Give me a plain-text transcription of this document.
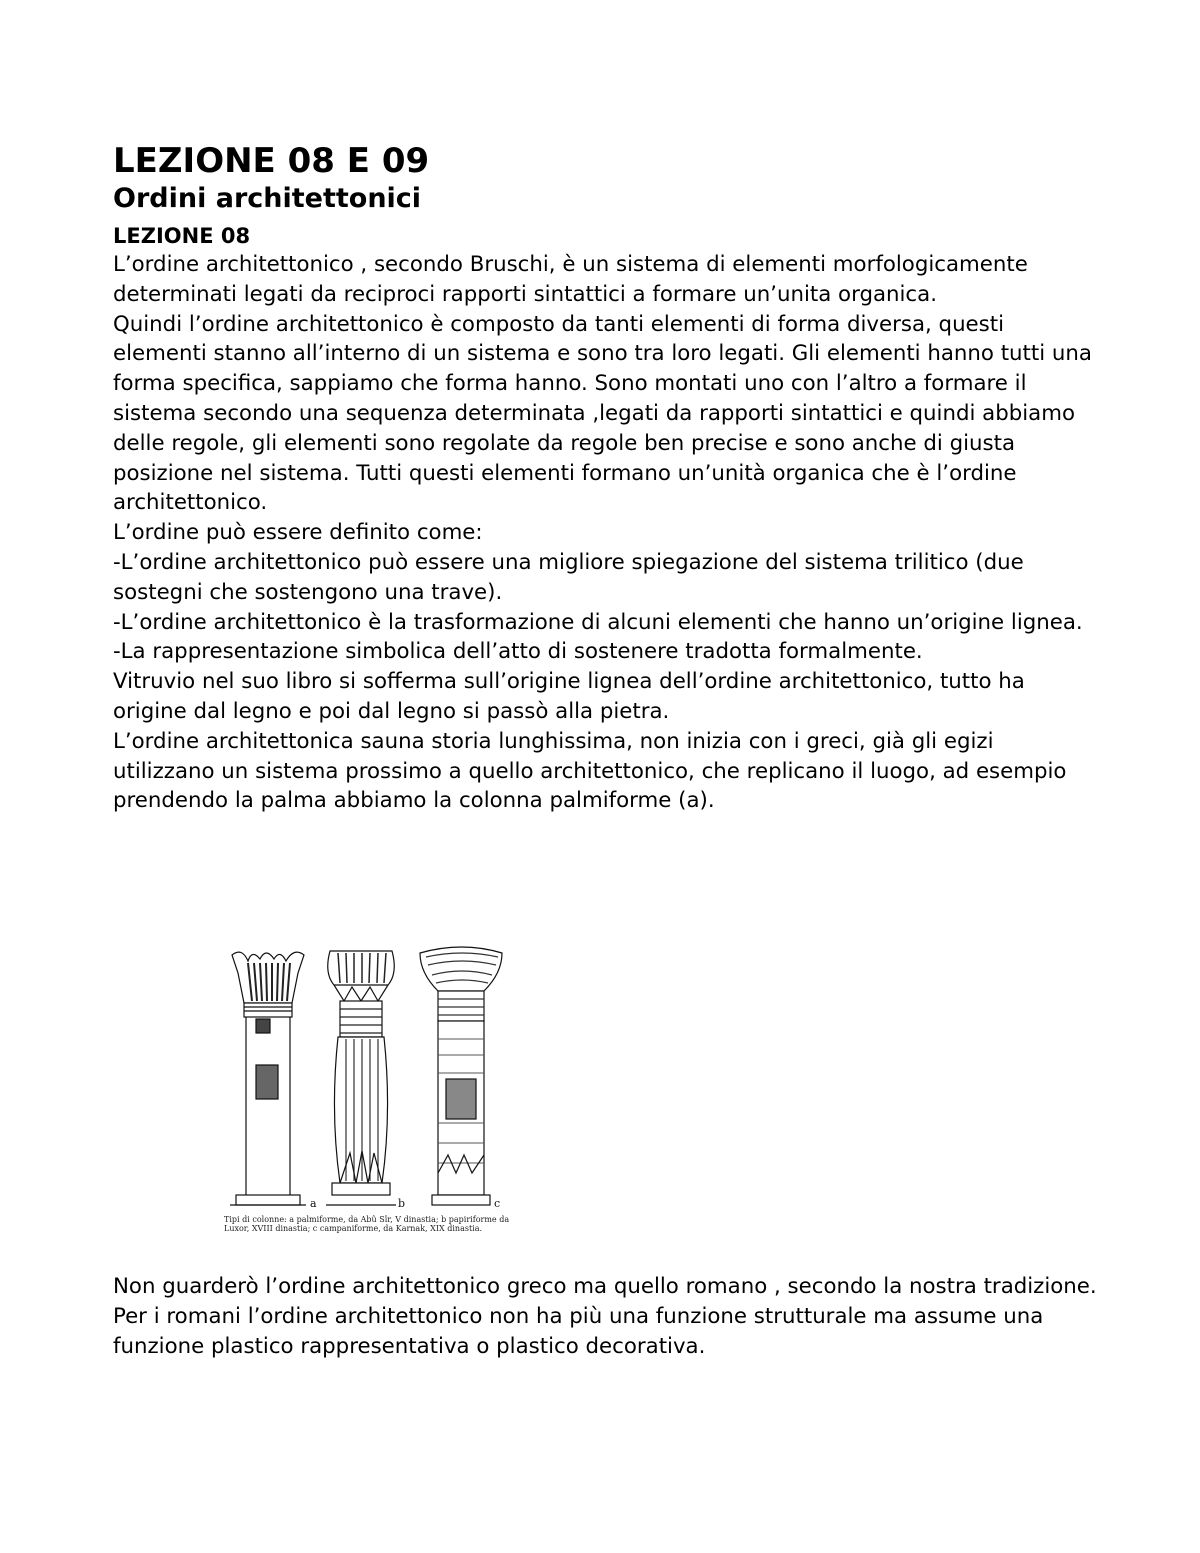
LEZIONE 08 E 09
Ordini architettonici
LEZIONE 08

L’ordine architettonico , secondo Bruschi, è un sistema di elementi morfologicamente determinati legati da reciproci rapporti sintattici a formare un’unita organica.

Quindi l’ordine architettonico è composto da tanti elementi di forma diversa, questi elementi stanno all’interno di un sistema e sono tra loro legati. Gli elementi hanno tutti una forma specifica, sappiamo che forma hanno. Sono montati uno con l’altro a formare il sistema secondo una sequenza determinata ,legati da rapporti sintattici e quindi abbiamo delle regole, gli elementi sono regolate da regole ben precise e sono anche di giusta posizione nel sistema. Tutti questi elementi formano un’unità organica che è l’ordine architettonico.

L’ordine può essere definito come:

-L’ordine architettonico può essere una migliore spiegazione del sistema trilitico (due sostegni che sostengono una trave).

-L’ordine architettonico è la trasformazione di alcuni elementi che hanno un’origine lignea.

-La rappresentazione simbolica dell’atto di sostenere tradotta formalmente.

Vitruvio nel suo libro si sofferma sull’origine lignea dell’ordine architettonico, tutto ha origine dal legno e poi dal legno si passò alla pietra.

L’ordine architettonica sauna storia lunghissima, non inizia con i greci, già gli egizi utilizzano un sistema prossimo a quello architettonico, che replicano il luogo, ad esempio prendendo la palma abbiamo la colonna palmiforme (a).

a	b	c
Tipi di colonne: a palmiforme, da Abû Sîr, V dinastia; b papiriforme da Luxor, XVIII dinastia; c campaniforme, da Karnak, XIX dinastia.

Non guarderò l’ordine architettonico greco ma quello romano , secondo la nostra tradizione.

Per i romani l’ordine architettonico non ha più una funzione strutturale ma assume una funzione plastico rappresentativa o plastico decorativa.
